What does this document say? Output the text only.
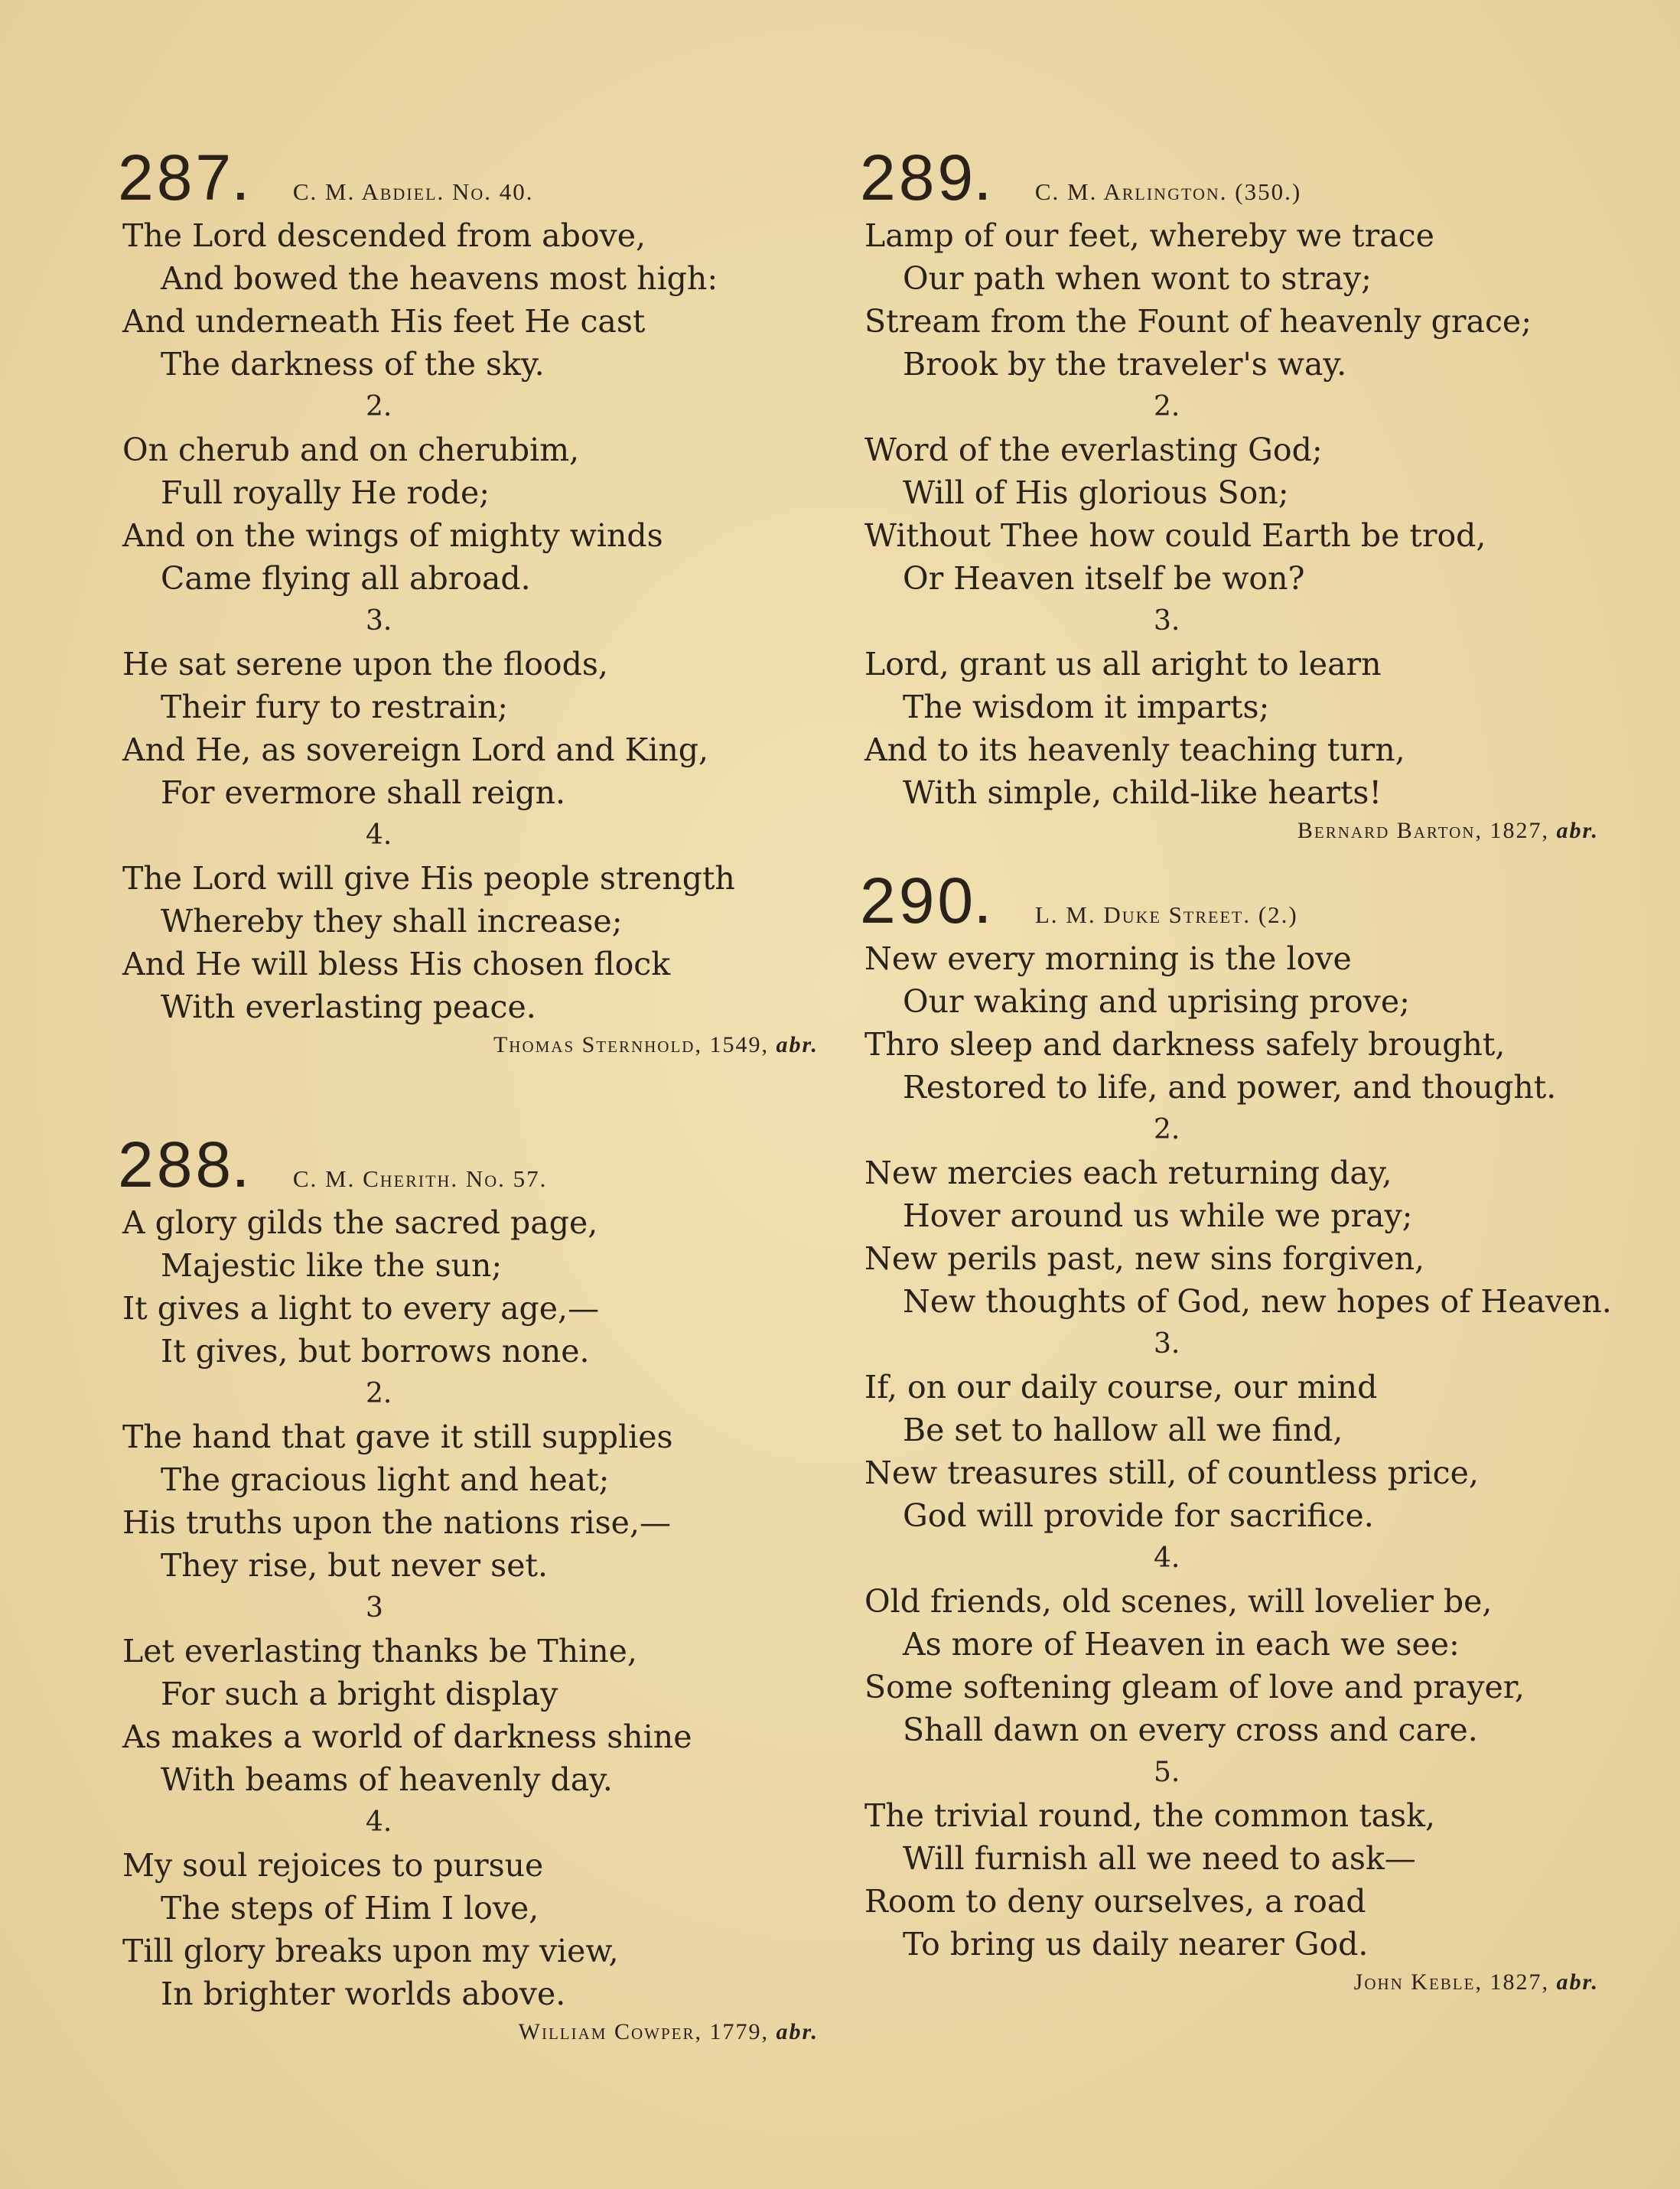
287 . C. M. Abdiel. No. 40.
The Lord descended from above,
And bowed the heavens most high:
And underneath His feet He cast
The darkness of the sky.
2.
On cherub and on cherubim,
Full royally He rode;
And on the wings of mighty winds
Came flying all abroad.
3.
He sat serene upon the floods,
Their fury to restrain;
And He, as sovereign Lord and King,
For evermore shall reign.
4.
The Lord will give His people strength
Whereby they shall increase;
And He will bless His chosen flock
With everlasting peace.
Thomas Sternhold, 1549, abr.
288 . C. M. Cherith. No. 57.
A glory gilds the sacred page,
Majestic like the sun;
It gives a light to every age,—
It gives, but borrows none.
2.
The hand that gave it still supplies
The gracious light and heat;
His truths upon the nations rise,—
They rise, but never set.
3
Let everlasting thanks be Thine,
For such a bright display
As makes a world of darkness shine
With beams of heavenly day.
4.
My soul rejoices to pursue
The steps of Him I love,
Till glory breaks upon my view,
In brighter worlds above.
William Cowper, 1779, abr.
289 . C. M. Arlington. (350.)
Lamp of our feet, whereby we trace
Our path when wont to stray;
Stream from the Fount of heavenly grace;
Brook by the traveler's way.
2.
Word of the everlasting God;
Will of His glorious Son;
Without Thee how could Earth be trod,
Or Heaven itself be won?
3.
Lord, grant us all aright to learn
The wisdom it imparts;
And to its heavenly teaching turn,
With simple, child-like hearts!
Bernard Barton, 1827, abr.
290 . L. M. Duke Street. (2.)
New every morning is the love
Our waking and uprising prove;
Thro sleep and darkness safely brought,
Restored to life, and power, and thought.
2.
New mercies each returning day,
Hover around us while we pray;
New perils past, new sins forgiven,
New thoughts of God, new hopes of Heaven.
3.
If, on our daily course, our mind
Be set to hallow all we find,
New treasures still, of countless price,
God will provide for sacrifice.
4.
Old friends, old scenes, will lovelier be,
As more of Heaven in each we see:
Some softening gleam of love and prayer,
Shall dawn on every cross and care.
5.
The trivial round, the common task,
Will furnish all we need to ask—
Room to deny ourselves, a road
To bring us daily nearer God.
John Keble, 1827, abr.
